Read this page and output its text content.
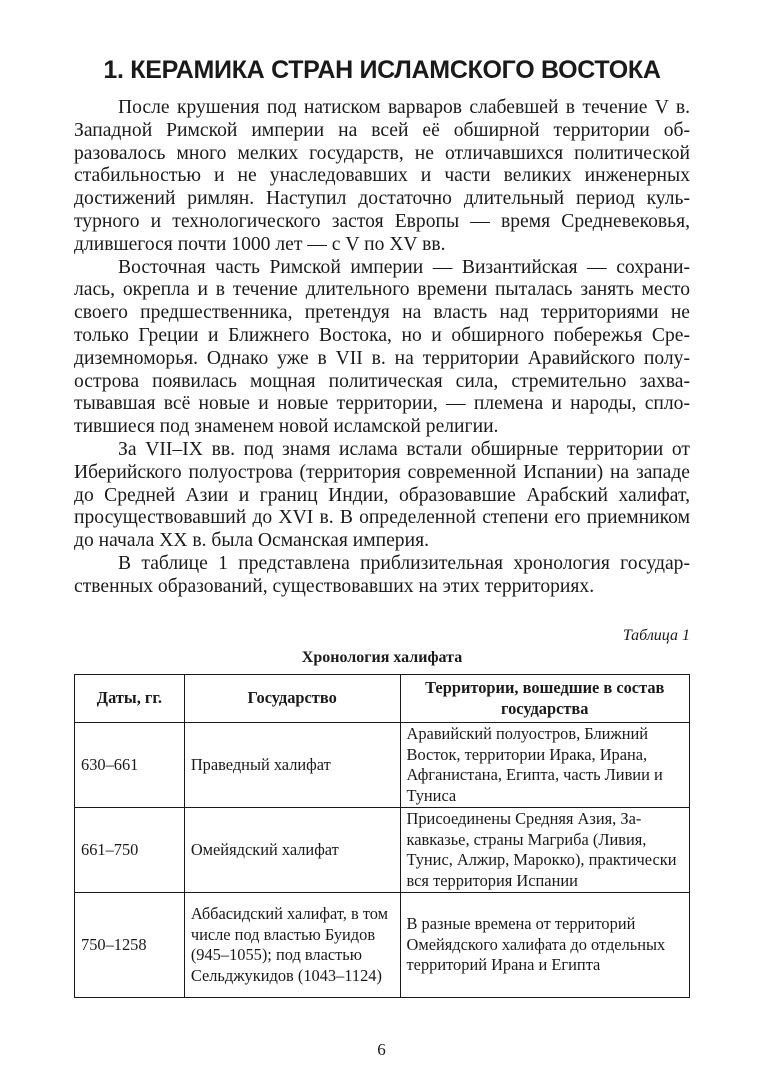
1. КЕРАМИКА СТРАН ИСЛАМСКОГО ВОСТОКА

После крушения под натиском варваров слабевшей в течение V в. Западной Римской империи на всей её обширной территории образовалось много мелких государств, не отличавшихся политической стабильностью и не унаследовавших и части великих инженерных достижений римлян. Наступил достаточно длительный период культурного и технологического застоя Европы — время Средневековья, длившегося почти 1000 лет — с V по XV вв.

Восточная часть Римской империи — Византийская — сохранилась, окрепла и в течение длительного времени пыталась занять место своего предшественника, претендуя на власть над территориями не только Греции и Ближнего Востока, но и обширного побережья Средиземноморья. Однако уже в VII в. на территории Аравийского полуострова появилась мощная политическая сила, стремительно захватывавшая всё новые и новые территории, — племена и народы, сплотившиеся под знаменем новой исламской религии.

За VII–IX вв. под знамя ислама встали обширные территории от Иберийского полуострова (территория современной Испании) на западе до Средней Азии и границ Индии, образовавшие Арабский халифат, просуществовавший до XVI в. В определенной степени его приемником до начала XX в. была Османская империя.

В таблице 1 представлена приблизительная хронология государственных образований, существовавших на этих территориях.

Таблица 1
Хронология халифата
Даты, гг.	Государство	Территории, вошедшие в состав государства
630–661	Праведный халифат	Аравийский полуостров, Ближний Восток, территории Ирака, Ирана, Афганистана, Египта, часть Ливии и Туниса
661–750	Омейядский халифат	Присоединены Средняя Азия, Закавказье, страны Магриба (Ливия, Тунис, Алжир, Марокко), практически вся территория Испании
750–1258	Аббасидский халифат, в том числе под властью Буидов (945–1055); под властью Сельджукидов (1043–1124)	В разные времена от территорий Омейядского халифата до отдельных территорий Ирана и Египта
6
